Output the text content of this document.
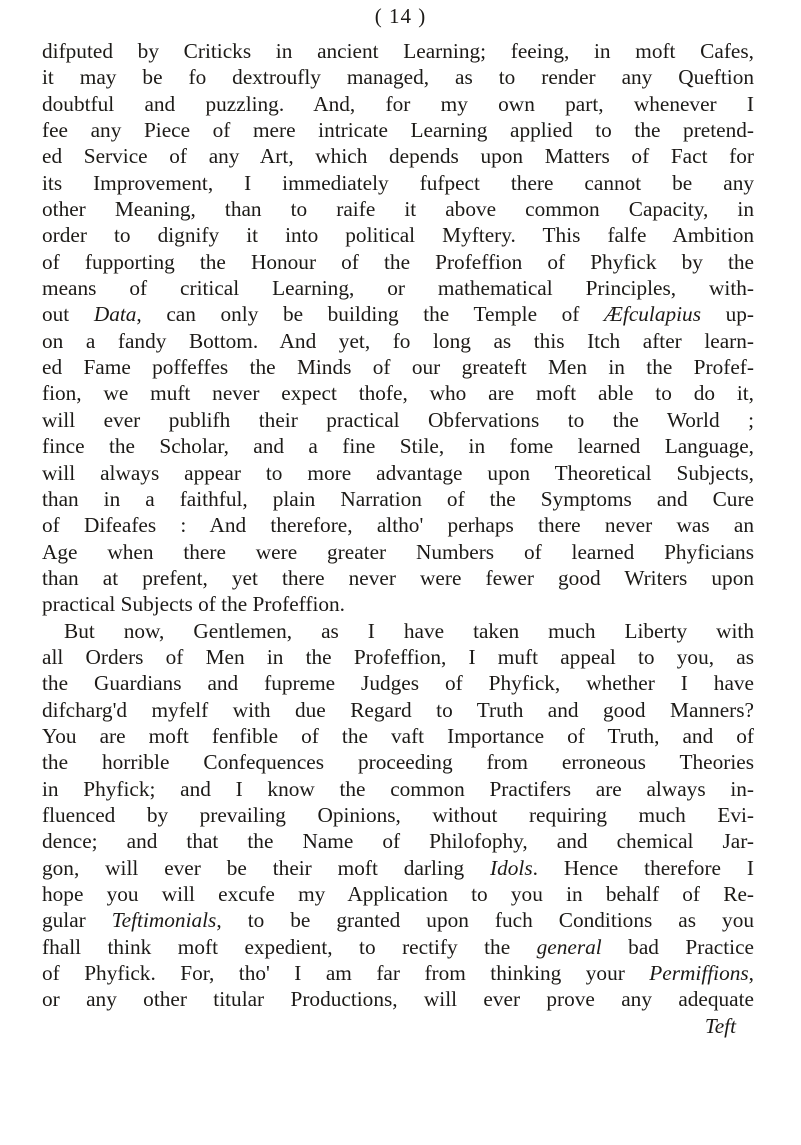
( 14 )
difputed by Criticks in ancient Learning; feeing, in moft Cafes,
it may be fo dextroufly managed, as to render any Queftion
doubtful and puzzling. And, for my own part, whenever I
fee any Piece of mere intricate Learning applied to the pretend-
ed Service of any Art, which depends upon Matters of Fact for
its Improvement, I immediately fufpect there cannot be any
other Meaning, than to raife it above common Capacity, in
order to dignify it into political Myftery. This falfe Ambition
of fupporting the Honour of the Profeffion of Phyfick by the
means of critical Learning, or mathematical Principles, with-
out Data, can only be building the Temple of Æfculapius up-
on a fandy Bottom. And yet, fo long as this Itch after learn-
ed Fame poffeffes the Minds of our greateft Men in the Profef-
fion, we muft never expect thofe, who are moft able to do it,
will ever publifh their practical Obfervations to the World ;
fince the Scholar, and a fine Stile, in fome learned Language,
will always appear to more advantage upon Theoretical Subjects,
than in a faithful, plain Narration of the Symptoms and Cure
of Difeafes : And therefore, altho' perhaps there never was an
Age when there were greater Numbers of learned Phyficians
than at prefent, yet there never were fewer good Writers upon
practical Subjects of the Profeffion.
But now, Gentlemen, as I have taken much Liberty with
all Orders of Men in the Profeffion, I muft appeal to you, as
the Guardians and fupreme Judges of Phyfick, whether I have
difcharg'd myfelf with due Regard to Truth and good Manners?
You are moft fenfible of the vaft Importance of Truth, and of
the horrible Confequences proceeding from erroneous Theories
in Phyfick; and I know the common Practifers are always in-
fluenced by prevailing Opinions, without requiring much Evi-
dence; and that the Name of Philofophy, and chemical Jar-
gon, will ever be their moft darling Idols. Hence therefore I
hope you will excufe my Application to you in behalf of Re-
gular Teftimonials, to be granted upon fuch Conditions as you
fhall think moft expedient, to rectify the general bad Practice
of Phyfick. For, tho' I am far from thinking your Permiffions,
or any other titular Productions, will ever prove any adequate
Teft
